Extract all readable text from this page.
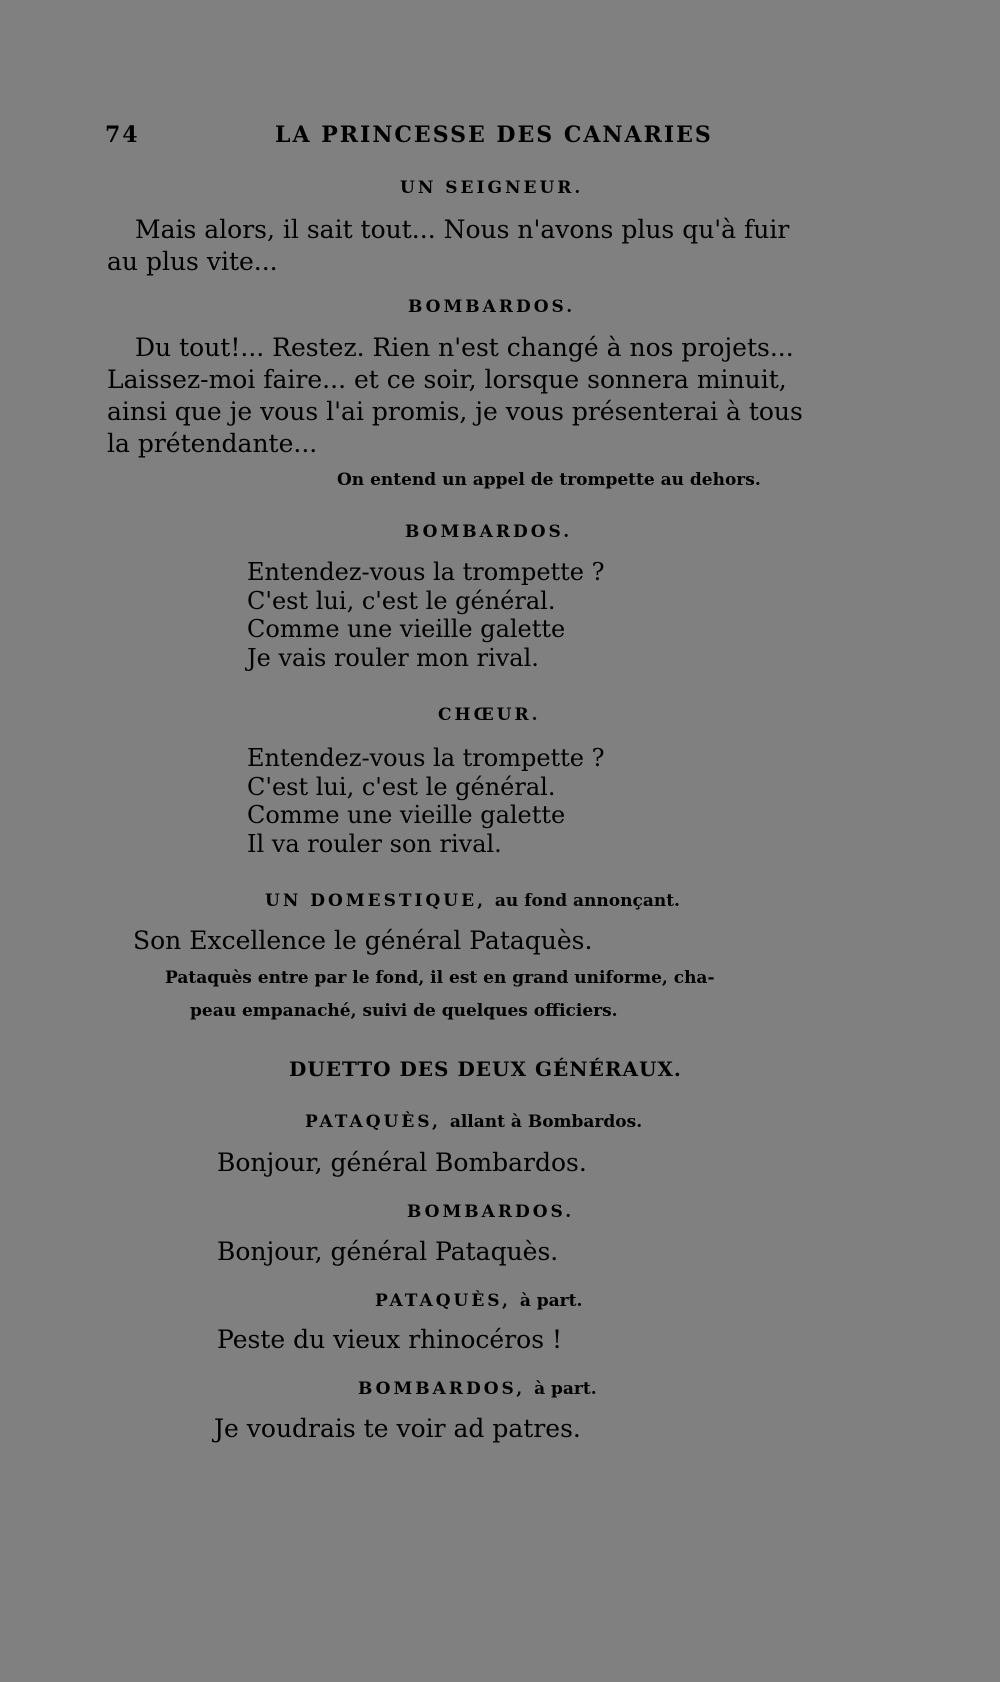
74	LA PRINCESSE DES CANARIES
UN SEIGNEUR.

Mais alors, il sait tout... Nous n'avons plus qu'à fuir

au plus vite...

BOMBARDOS.

Du tout!... Restez. Rien n'est changé à nos projets...

Laissez-moi faire... et ce soir, lorsque sonnera minuit,

ainsi que je vous l'ai promis, je vous présenterai à tous

la prétendante...

On entend un appel de trompette au dehors.
BOMBARDOS.
Entendez-vous la trompette ?
C'est lui, c'est le général.
Comme une vieille galette
Je vais rouler mon rival.
CHŒUR.
Entendez-vous la trompette ?
C'est lui, c'est le général.
Comme une vieille galette
Il va rouler son rival.
UN DOMESTIQUE, au fond annonçant.
Son Excellence le général Pataquès.
Pataquès entre par le fond, il est en grand uniforme, cha-
peau empanaché, suivi de quelques officiers.
DUETTO DES DEUX GÉNÉRAUX.
PATAQUÈS, allant à Bombardos.
Bonjour, général Bombardos.
BOMBARDOS.
Bonjour, général Pataquès.
PATAQUÈS, à part.
Peste du vieux rhinocéros !
BOMBARDOS, à part.
Je voudrais te voir ad patres.
